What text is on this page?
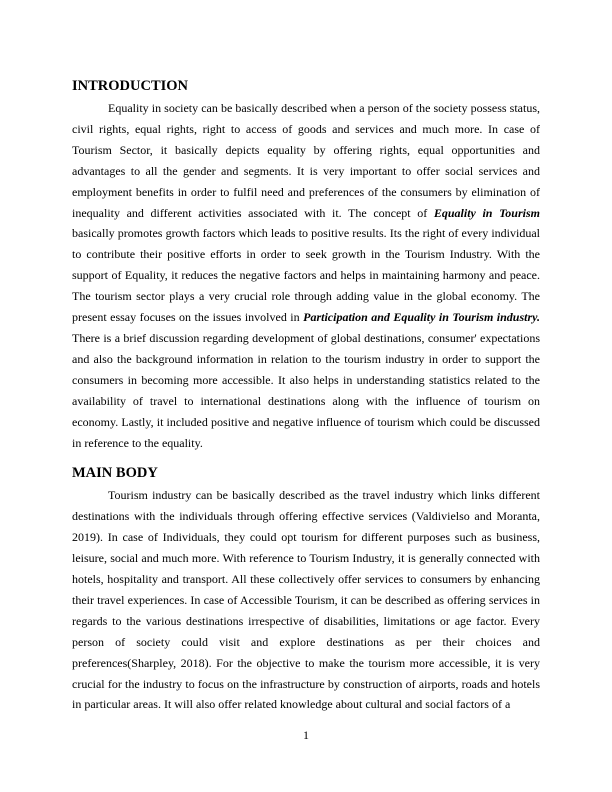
INTRODUCTION

Equality in society can be basically described when a person of the society possess status, civil rights, equal rights, right to access of goods and services and much more. In case of Tourism Sector, it basically depicts equality by offering rights, equal opportunities and advantages to all the gender and segments. It is very important to offer social services and employment benefits in order to fulfil need and preferences of the consumers by elimination of inequality and different activities associated with it. The concept of Equality in Tourism basically promotes growth factors which leads to positive results. Its the right of every individual to contribute their positive efforts in order to seek growth in the Tourism Industry. With the support of Equality, it reduces the negative factors and helps in maintaining harmony and peace. The tourism sector plays a very crucial role through adding value in the global economy. The present essay focuses on the issues involved in Participation and Equality in Tourism industry. There is a brief discussion regarding development of global destinations, consumer' expectations and also the background information in relation to the tourism industry in order to support the consumers in becoming more accessible. It also helps in understanding statistics related to the availability of travel to international destinations along with the influence of tourism on economy. Lastly, it included positive and negative influence of tourism which could be discussed in reference to the equality.

MAIN BODY

Tourism industry can be basically described as the travel industry which links different destinations with the individuals through offering effective services (Valdivielso and Moranta, 2019). In case of Individuals, they could opt tourism for different purposes such as business, leisure, social and much more. With reference to Tourism Industry, it is generally connected with hotels, hospitality and transport. All these collectively offer services to consumers by enhancing their travel experiences. In case of Accessible Tourism, it can be described as offering services in regards to the various destinations irrespective of disabilities, limitations or age factor. Every person of society could visit and explore destinations as per their choices and preferences(Sharpley, 2018). For the objective to make the tourism more accessible, it is very crucial for the industry to focus on the infrastructure by construction of airports, roads and hotels in particular areas. It will also offer related knowledge about cultural and social factors of a

1
